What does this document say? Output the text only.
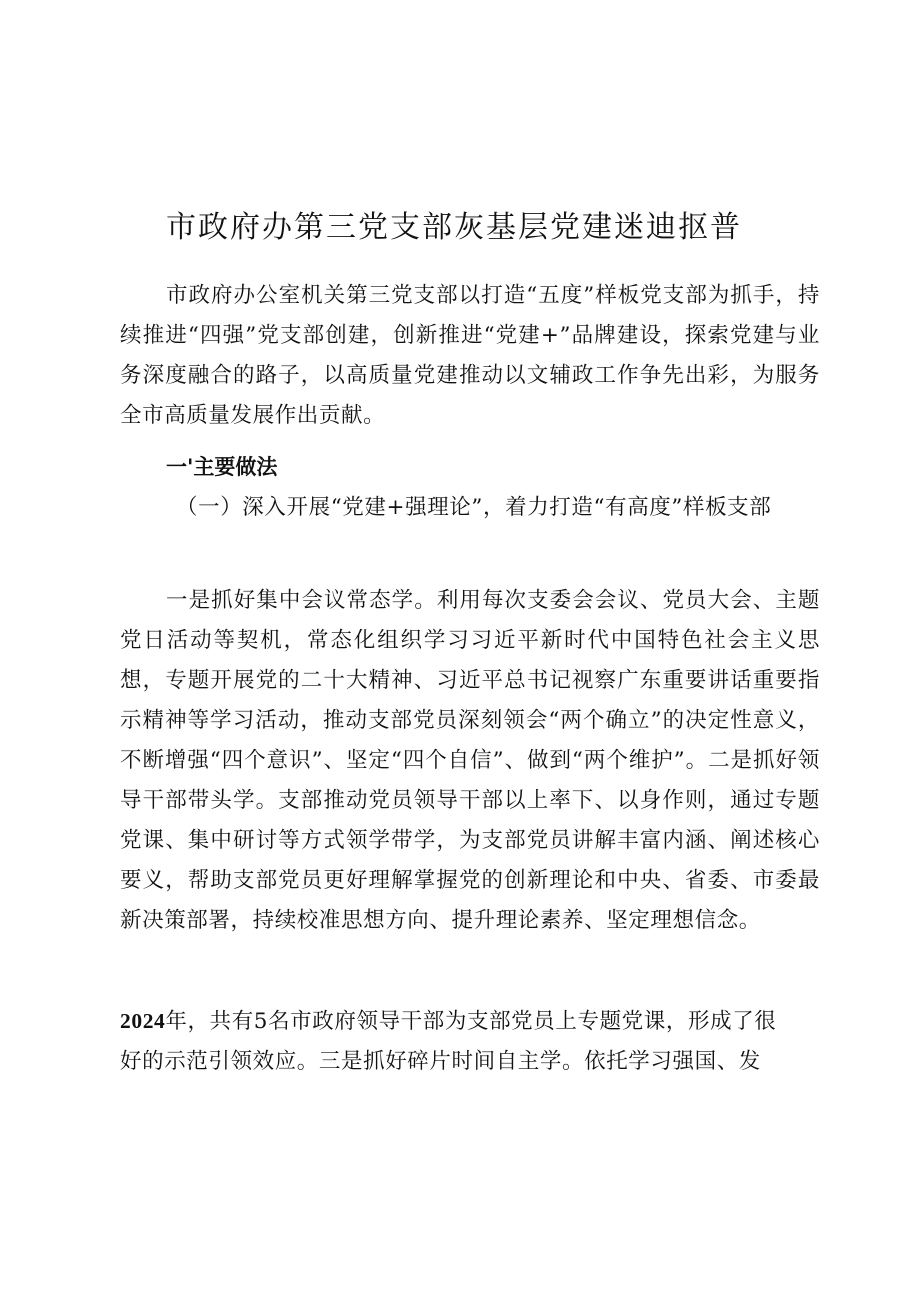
市政府办第三党支部灰基层党建迷迪抠普

市政府办公室机关第三党支部以打造“五度”样板党支部为抓手，持续推进“四强”党支部创建，创新推进“党建+”品牌建设，探索党建与业务深度融合的路子，以高质量党建推动以文辅政工作争先出彩，为服务全市高质量发展作出贡献。

一'主要做法

（一）深入开展“党建+强理论”，着力打造“有高度”样板支部

一是抓好集中会议常态学。利用每次支委会会议、党员大会、主题党日活动等契机，常态化组织学习习近平新时代中国特色社会主义思想，专题开展党的二十大精神、习近平总书记视察广东重要讲话重要指示精神等学习活动，推动支部党员深刻领会“两个确立”的决定性意义，不断增强“四个意识”、坚定“四个自信”、做到“两个维护”。二是抓好领导干部带头学。支部推动党员领导干部以上率下、以身作则，通过专题党课、集中研讨等方式领学带学，为支部党员讲解丰富内涵、阐述核心要义，帮助支部党员更好理解掌握党的创新理论和中央、省委、市委最新决策部署，持续校准思想方向、提升理论素养、坚定理想信念。

2024年，共有5名市政府领导干部为支部党员上专题党课，形成了很
好的示范引领效应。三是抓好碎片时间自主学。依托学习强国、发
